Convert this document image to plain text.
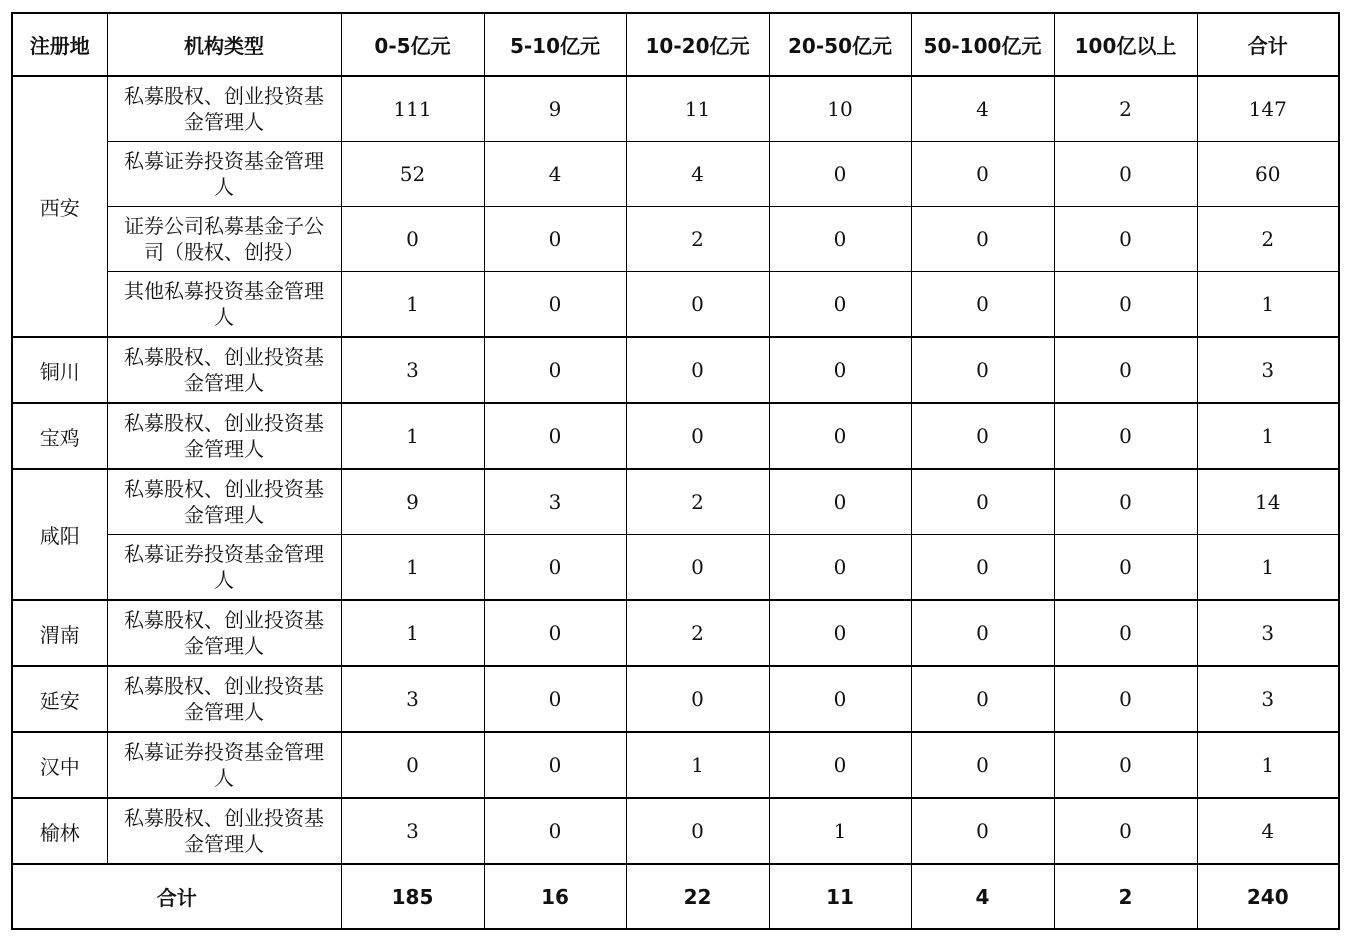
注册地	机构类型	0-5亿元	5-10亿元	10-20亿元	20-50亿元	50-100亿元	100亿以上	合计
西安	私募股权、创业投资基金管理人	111	9	11	10	4	2	147
	私募证券投资基金管理人	52	4	4	0	0	0	60
	证券公司私募基金子公司（股权、创投）	0	0	2	0	0	0	2
	其他私募投资基金管理人	1	0	0	0	0	0	1
铜川	私募股权、创业投资基金管理人	3	0	0	0	0	0	3
宝鸡	私募股权、创业投资基金管理人	1	0	0	0	0	0	1
咸阳	私募股权、创业投资基金管理人	9	3	2	0	0	0	14
	私募证券投资基金管理人	1	0	0	0	0	0	1
渭南	私募股权、创业投资基金管理人	1	0	2	0	0	0	3
延安	私募股权、创业投资基金管理人	3	0	0	0	0	0	3
汉中	私募证券投资基金管理人	0	0	1	0	0	0	1
榆林	私募股权、创业投资基金管理人	3	0	0	1	0	0	4
合计		185	16	22	11	4	2	240
